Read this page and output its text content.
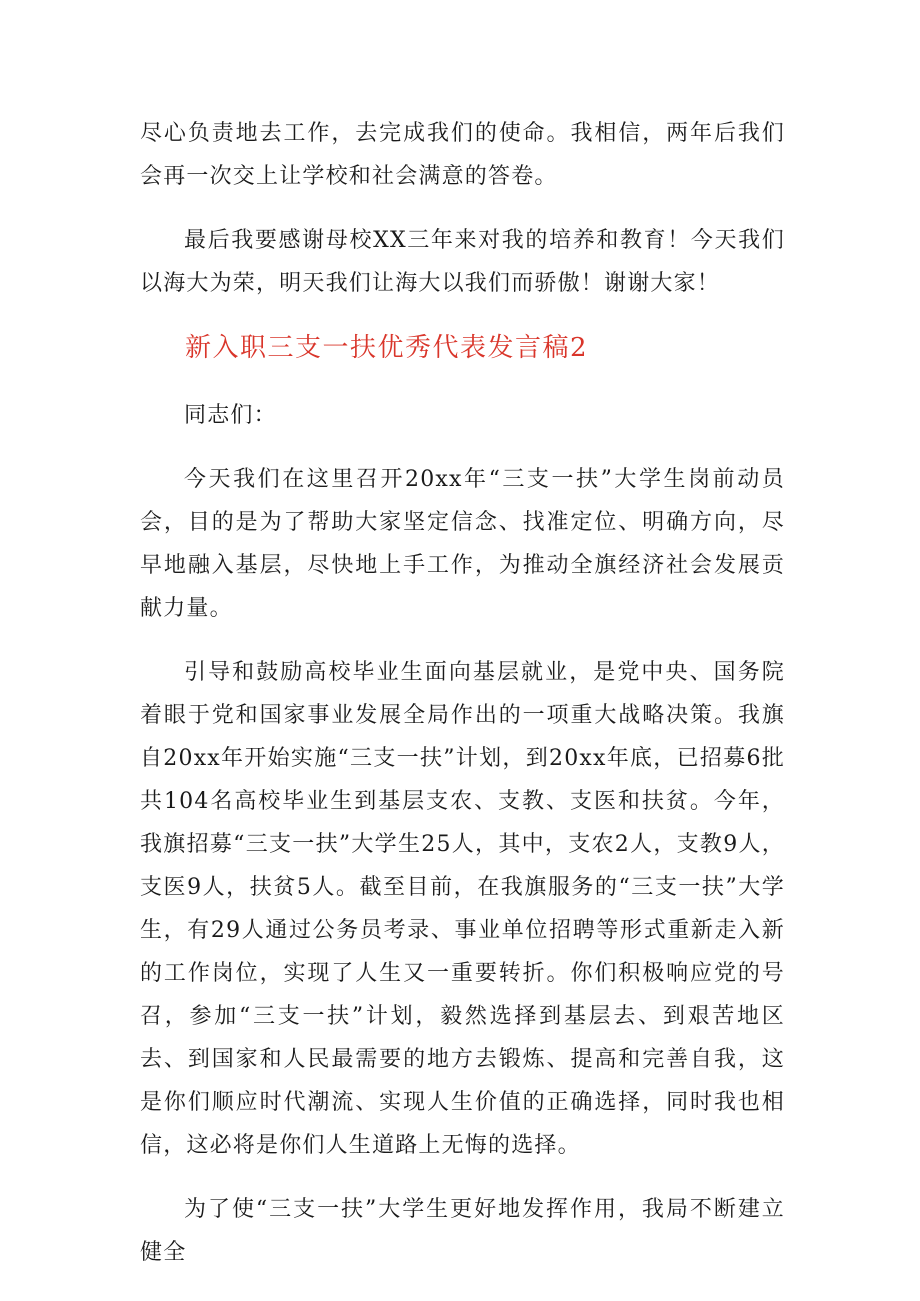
尽心负责地去工作，去完成我们的使命。我相信，两年后我们会再一次交上让学校和社会满意的答卷。

最后我要感谢母校XX三年来对我的培养和教育！今天我们以海大为荣，明天我们让海大以我们而骄傲！谢谢大家！

新入职三支一扶优秀代表发言稿2

同志们：

今天我们在这里召开20xx年“三支一扶”大学生岗前动员会，目的是为了帮助大家坚定信念、找准定位、明确方向，尽早地融入基层，尽快地上手工作，为推动全旗经济社会发展贡献力量。

引导和鼓励高校毕业生面向基层就业，是党中央、国务院着眼于党和国家事业发展全局作出的一项重大战略决策。我旗自20xx年开始实施“三支一扶”计划，到20xx年底，已招募6批共104名高校毕业生到基层支农、支教、支医和扶贫。今年，我旗招募“三支一扶”大学生25人，其中，支农2人，支教9人，支医9人，扶贫5人。截至目前，在我旗服务的“三支一扶”大学生，有29人通过公务员考录、事业单位招聘等形式重新走入新的工作岗位，实现了人生又一重要转折。你们积极响应党的号召，参加“三支一扶”计划，毅然选择到基层去、到艰苦地区去、到国家和人民最需要的地方去锻炼、提高和完善自我，这是你们顺应时代潮流、实现人生价值的正确选择，同时我也相信，这必将是你们人生道路上无悔的选择。

为了使“三支一扶”大学生更好地发挥作用，我局不断建立健全
